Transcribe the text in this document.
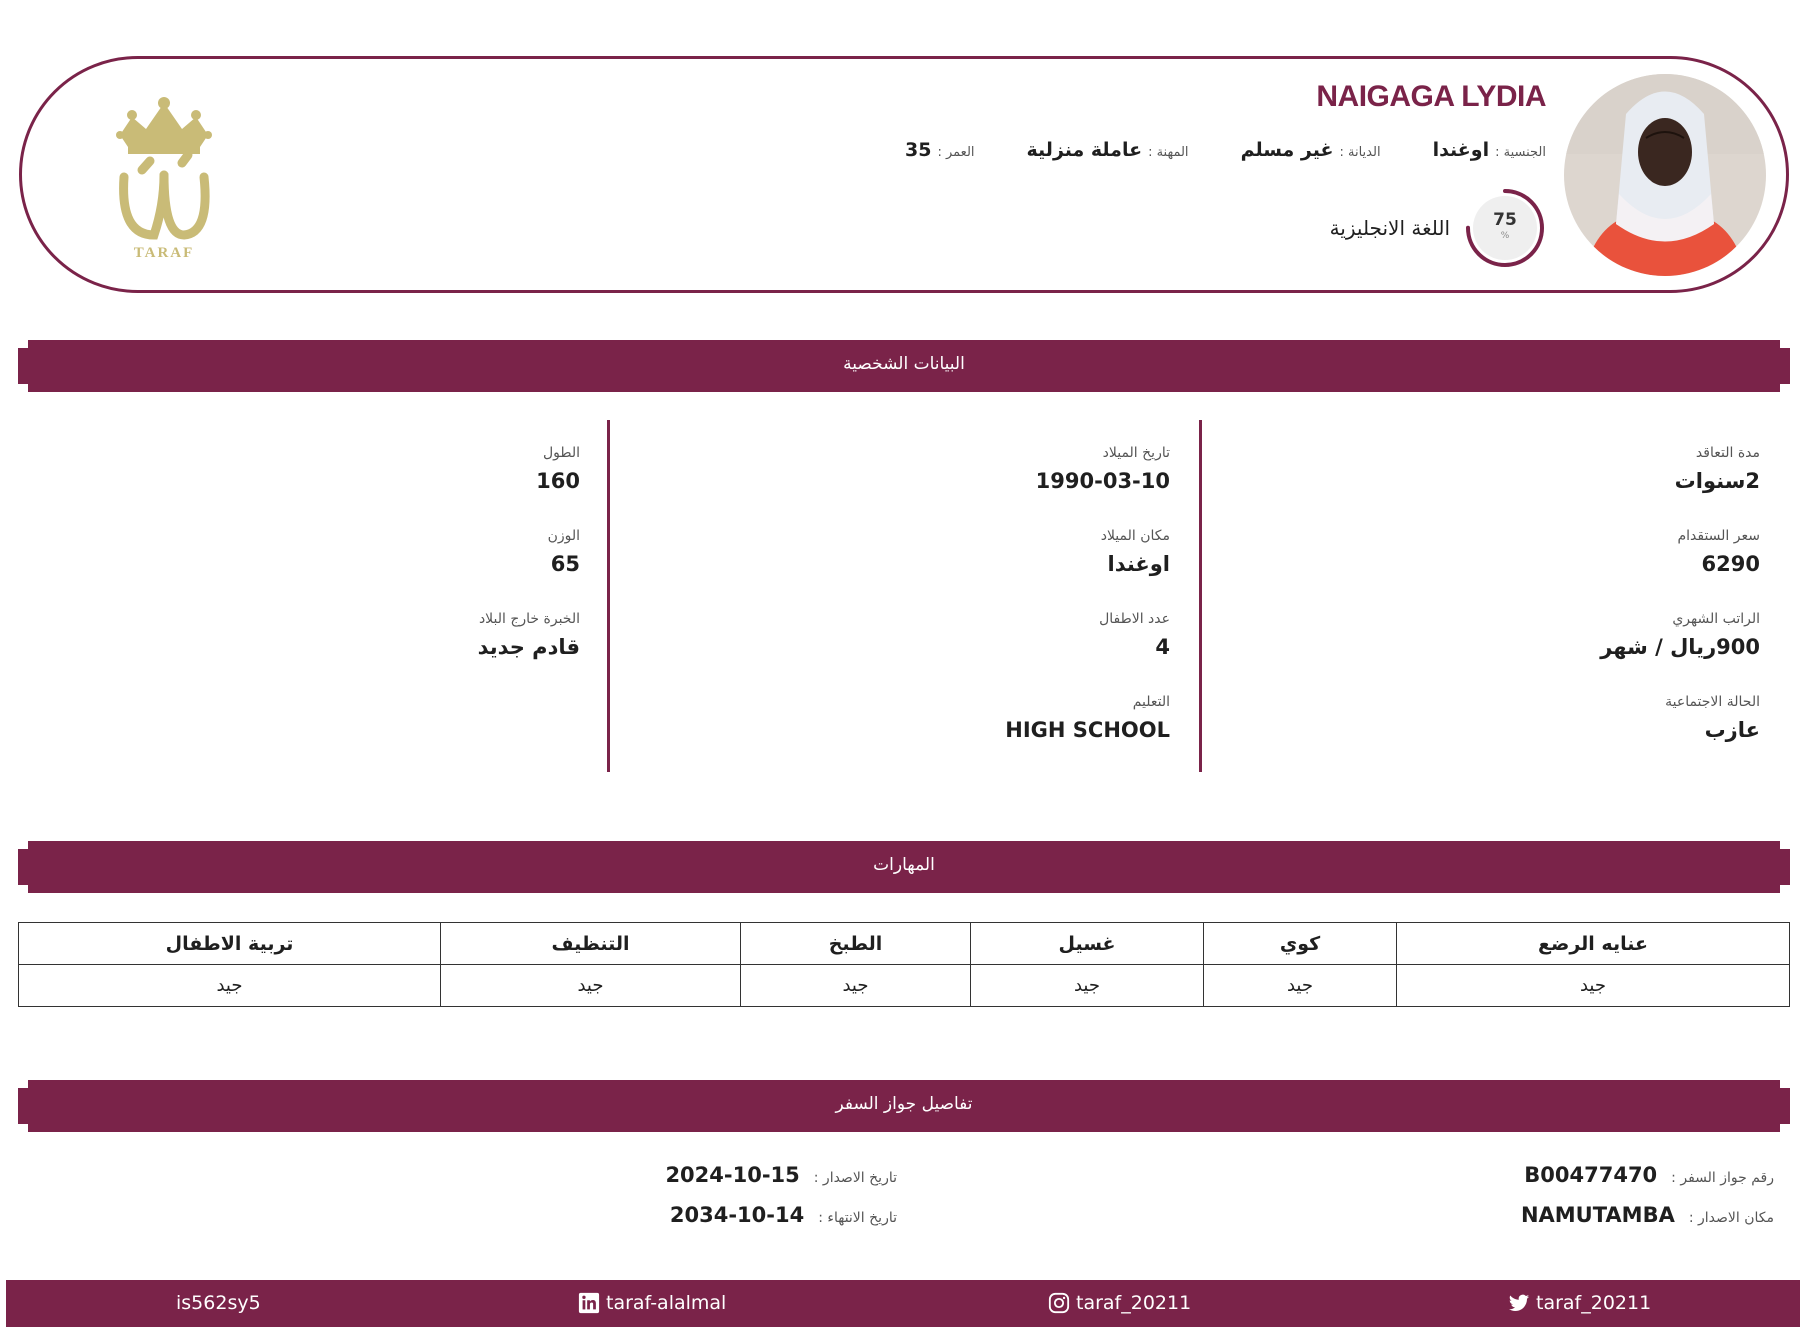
TARAF
NAIGAGA LYDIA
الجنسية :
اوغندا
الديانة :
غير مسلم
المهنة :
عاملة منزلية
العمر :
35
75
%
اللغة الانجليزية
البيانات الشخصية
مدة التعاقد
2سنوات
سعر الستقدام
6290
الراتب الشهري
900ريال / شهر
الحالة الاجتماعية
عازب
تاريخ الميلاد
1990-03-10
مكان الميلاد
اوغندا
عدد الاطفال
4
التعليم
HIGH SCHOOL
الطول
160
الوزن
65
الخبرة خارج البلاد
قادم جديد
المهارات
عنايه الرضع	كوي	غسيل	الطبخ	التنظيف	تربية الاطفال
جيد	جيد	جيد	جيد	جيد	جيد
تفاصيل جواز السفر
رقم جواز السفر :
B00477470
مكان الاصدار :
NAMUTAMBA
تاريخ الاصدار :
2024-10-15
تاريخ الانتهاء :
2034-10-14
is562sy5	taraf-alalmal	taraf_20211	taraf_20211
